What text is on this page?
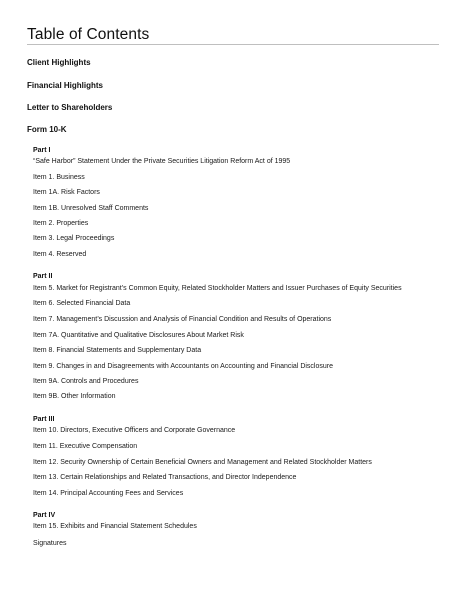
Table of Contents
Client Highlights
Financial Highlights
Letter to Shareholders
Form 10-K
Part I
“Safe Harbor” Statement Under the Private Securities Litigation Reform Act of 1995
Item 1. Business
Item 1A. Risk Factors
Item 1B. Unresolved Staff Comments
Item 2. Properties
Item 3. Legal Proceedings
Item 4. Reserved
Part II
Item 5. Market for Registrant’s Common Equity, Related Stockholder Matters and Issuer Purchases of Equity Securities
Item 6. Selected Financial Data
Item 7. Management’s Discussion and Analysis of Financial Condition and Results of Operations
Item 7A. Quantitative and Qualitative Disclosures About Market Risk
Item 8. Financial Statements and Supplementary Data
Item 9. Changes in and Disagreements with Accountants on Accounting and Financial Disclosure
Item 9A. Controls and Procedures
Item 9B. Other Information
Part III
Item 10. Directors, Executive Officers and Corporate Governance
Item 11. Executive Compensation
Item 12. Security Ownership of Certain Beneficial Owners and Management and Related Stockholder Matters
Item 13. Certain Relationships and Related Transactions, and Director Independence
Item 14. Principal Accounting Fees and Services
Part IV
Item 15. Exhibits and Financial Statement Schedules
Signatures
